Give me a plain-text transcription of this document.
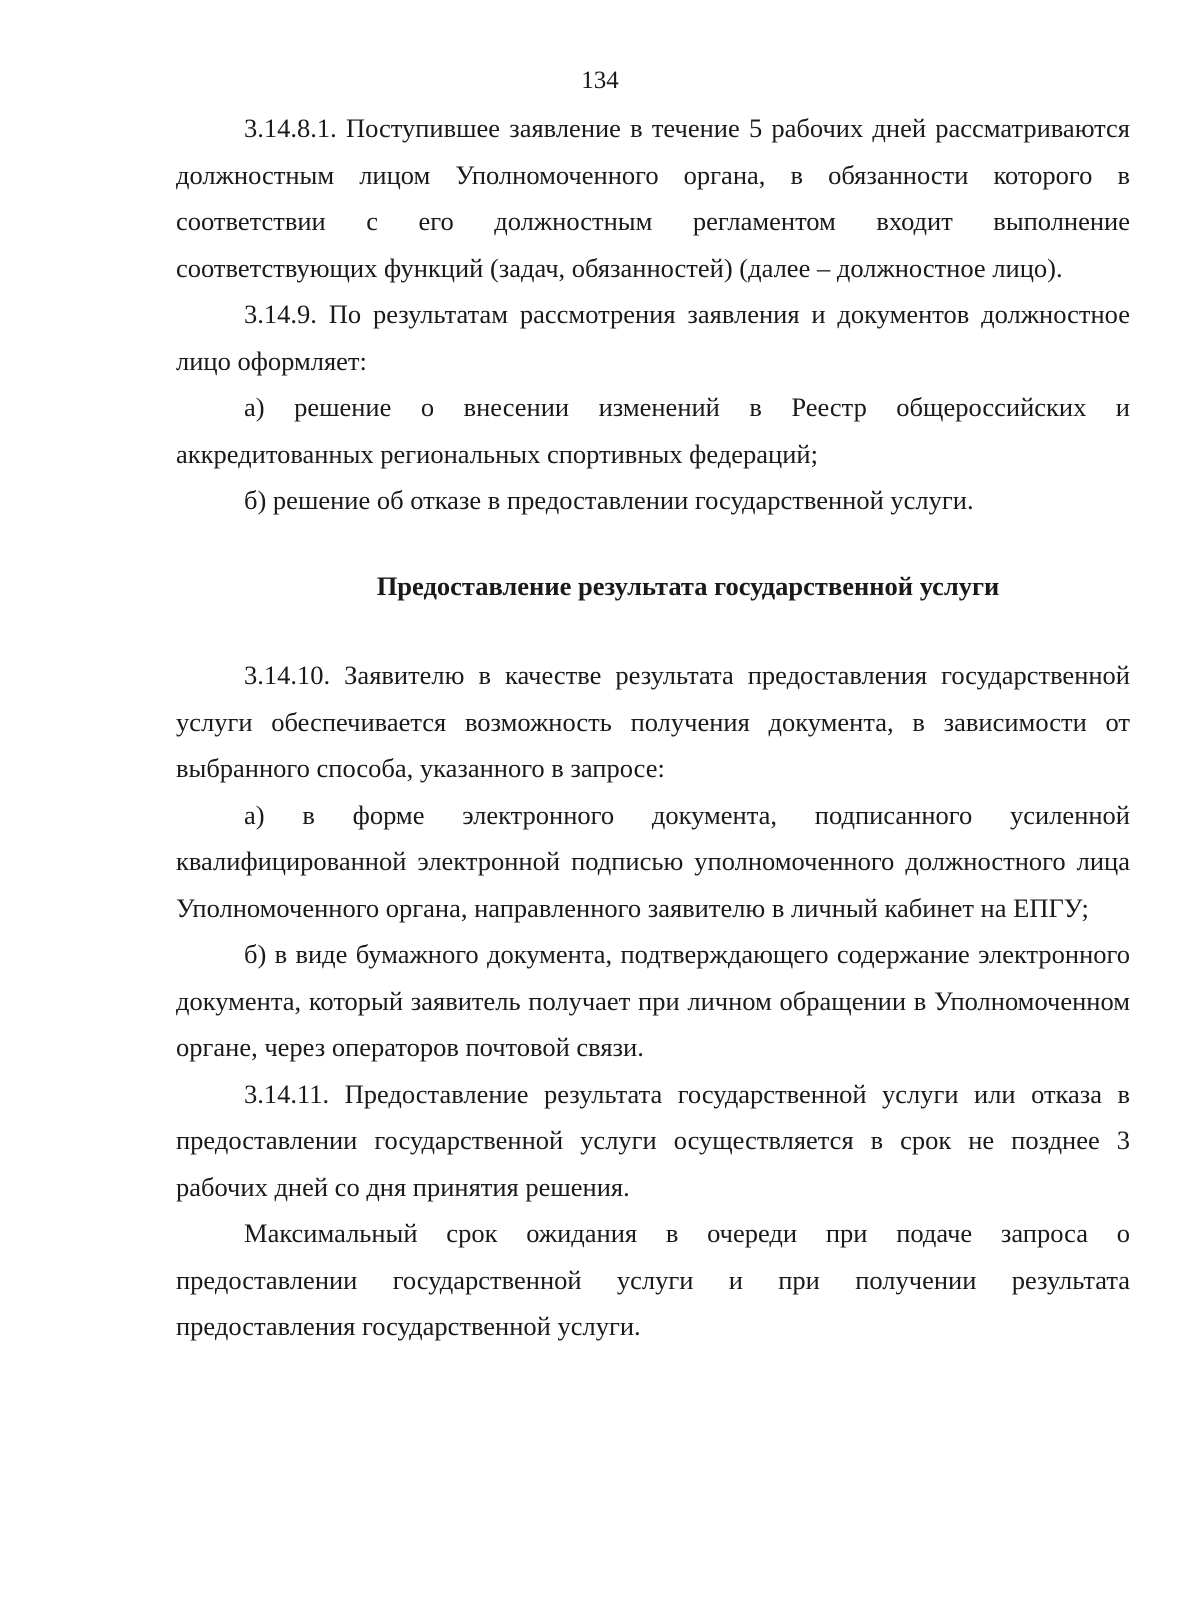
134

3.14.8.1. Поступившее заявление в течение 5 рабочих дней рассматриваются должностным лицом Уполномоченного органа, в обязанности которого в соответствии с его должностным регламентом входит выполнение соответствующих функций (задач, обязанностей) (далее – должностное лицо).

3.14.9. По результатам рассмотрения заявления и документов должностное лицо оформляет:

а) решение о внесении изменений в Реестр общероссийских и аккредитованных региональных спортивных федераций;

б) решение об отказе в предоставлении государственной услуги.

Предоставление результата государственной услуги

3.14.10. Заявителю в качестве результата предоставления государственной услуги обеспечивается возможность получения документа, в зависимости от выбранного способа, указанного в запросе:

а) в форме электронного документа, подписанного усиленной квалифицированной электронной подписью уполномоченного должностного лица Уполномоченного органа, направленного заявителю в личный кабинет на ЕПГУ;

б) в виде бумажного документа, подтверждающего содержание электронного документа, который заявитель получает при личном обращении в Уполномоченном органе, через операторов почтовой связи.

3.14.11. Предоставление результата государственной услуги или отказа в предоставлении государственной услуги осуществляется в срок не позднее 3 рабочих дней со дня принятия решения.

Максимальный срок ожидания в очереди при подаче запроса о предоставлении государственной услуги и при получении результата предоставления государственной услуги.
